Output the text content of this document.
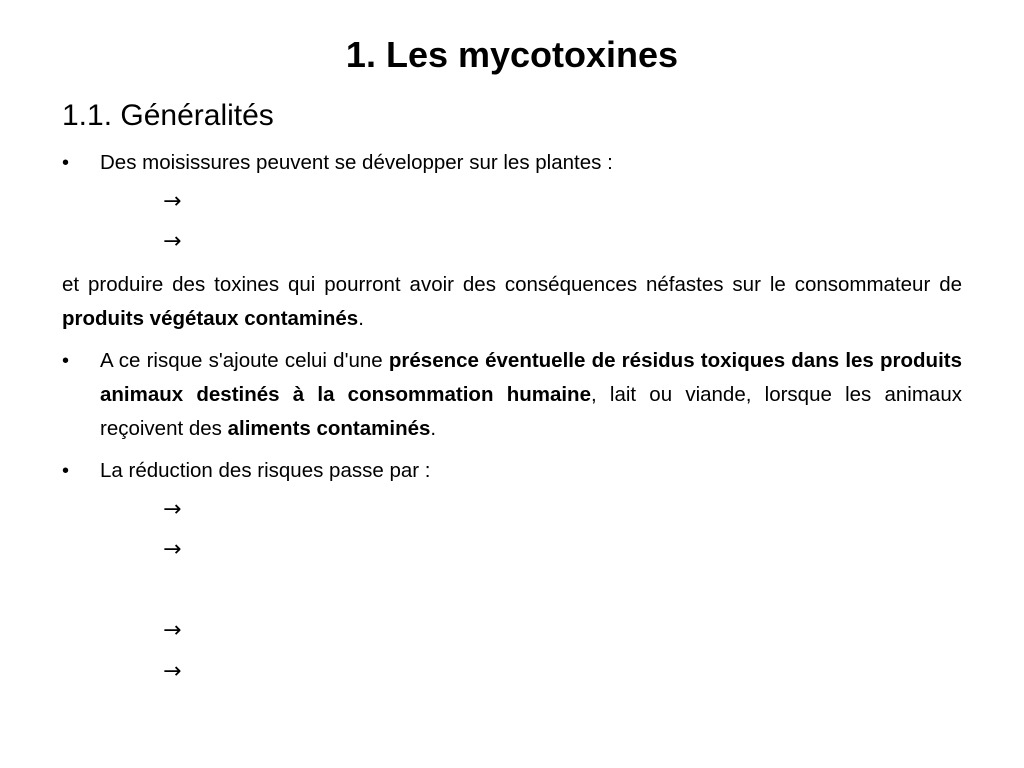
1. Les mycotoxines
1.1. Généralités
•	Des moisissures peuvent se développer sur les plantes :
→
→
et produire des toxines qui pourront avoir des conséquences néfastes sur le consommateur de produits végétaux contaminés.
•	A ce risque s'ajoute celui d'une présence éventuelle de résidus toxiques dans les produits animaux destinés à la consommation humaine, lait ou viande, lorsque les animaux reçoivent des aliments contaminés.
•	La réduction des risques passe par :
→
→
→
→
